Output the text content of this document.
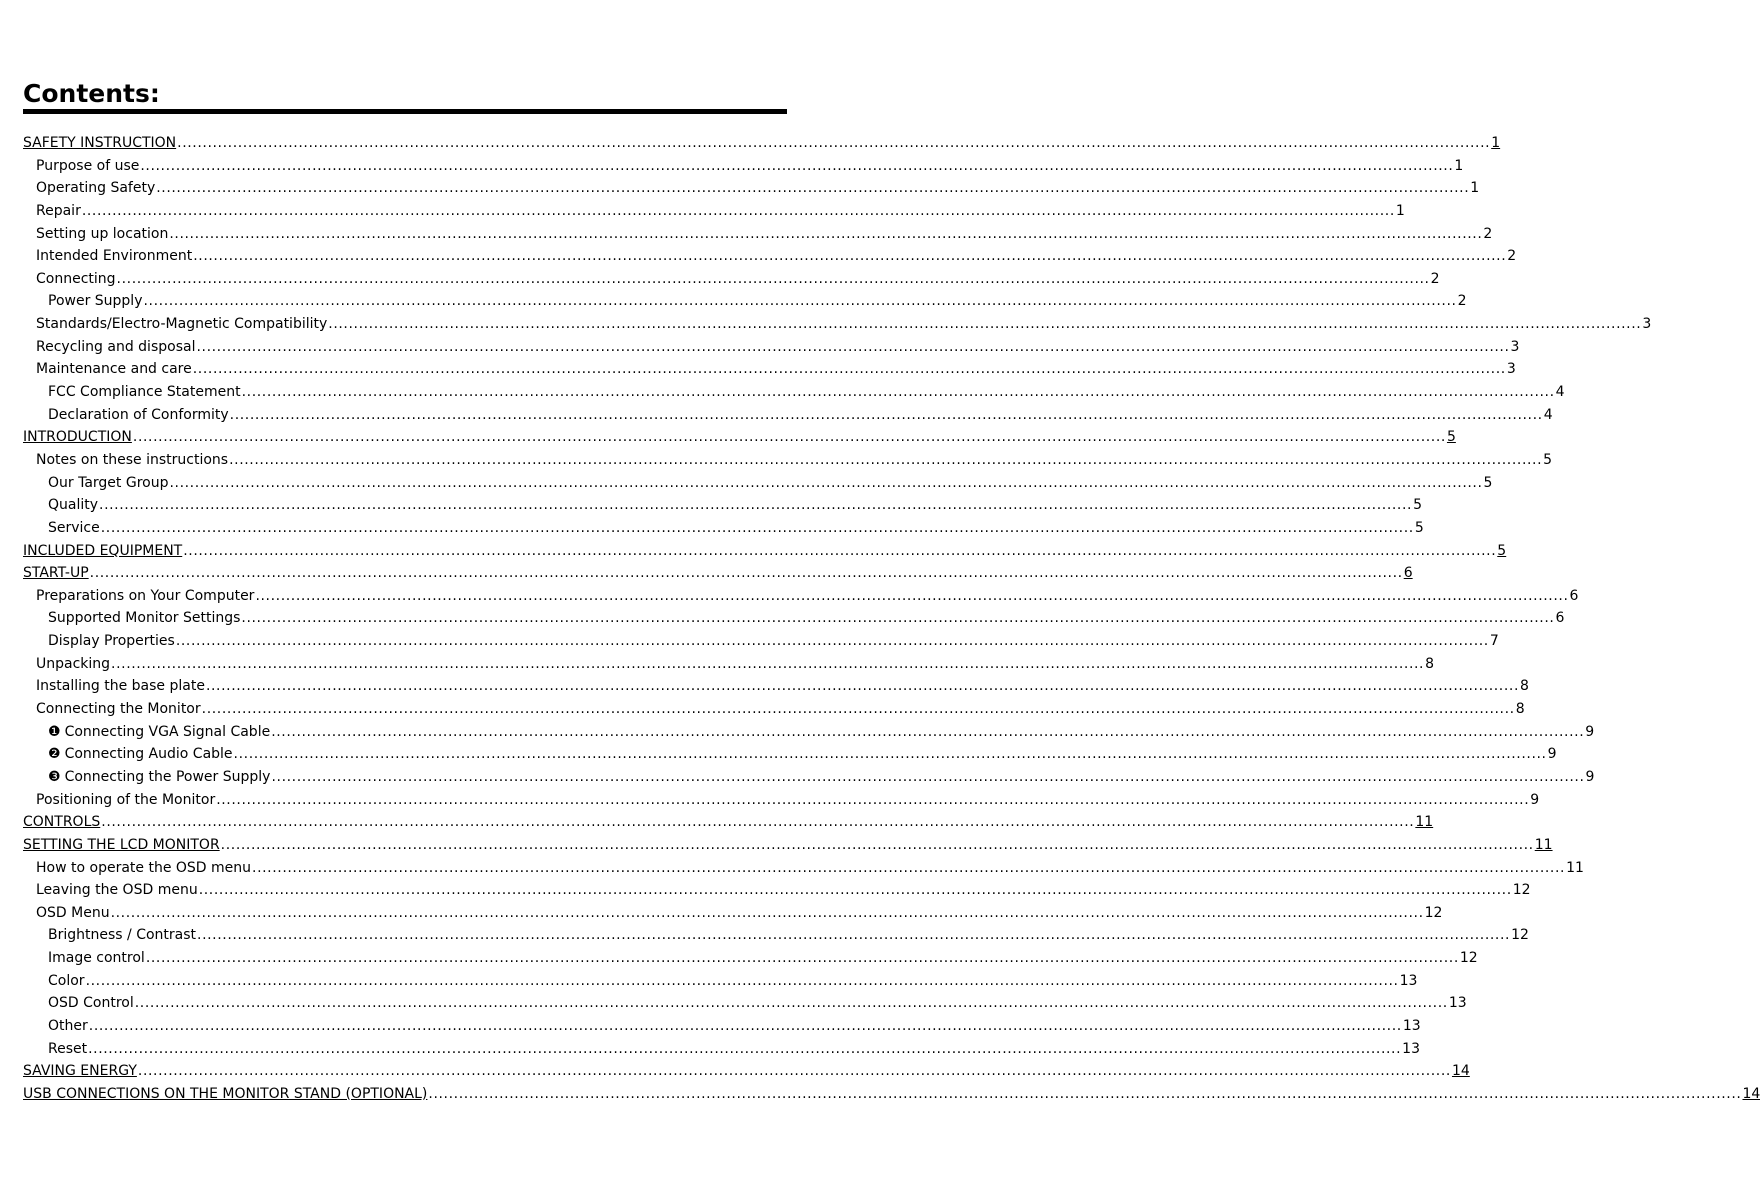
Contents:
SAFETY INSTRUCTION .................................................................................................................................................................................................................................................................... 1
Purpose of use .................................................................................................................................................................................................................................................................... 1
Operating Safety .................................................................................................................................................................................................................................................................... 1
Repair .................................................................................................................................................................................................................................................................... 1
Setting up location .................................................................................................................................................................................................................................................................... 2
Intended Environment .................................................................................................................................................................................................................................................................... 2
Connecting .................................................................................................................................................................................................................................................................... 2
Power Supply .................................................................................................................................................................................................................................................................... 2
Standards/Electro-Magnetic Compatibility .................................................................................................................................................................................................................................................................... 3
Recycling and disposal .................................................................................................................................................................................................................................................................... 3
Maintenance and care .................................................................................................................................................................................................................................................................... 3
FCC Compliance Statement .................................................................................................................................................................................................................................................................... 4
Declaration of Conformity .................................................................................................................................................................................................................................................................... 4
INTRODUCTION .................................................................................................................................................................................................................................................................... 5
Notes on these instructions .................................................................................................................................................................................................................................................................... 5
Our Target Group .................................................................................................................................................................................................................................................................... 5
Quality .................................................................................................................................................................................................................................................................... 5
Service .................................................................................................................................................................................................................................................................... 5
INCLUDED EQUIPMENT .................................................................................................................................................................................................................................................................... 5
START-UP .................................................................................................................................................................................................................................................................... 6
Preparations on Your Computer .................................................................................................................................................................................................................................................................... 6
Supported Monitor Settings .................................................................................................................................................................................................................................................................... 6
Display Properties .................................................................................................................................................................................................................................................................... 7
Unpacking .................................................................................................................................................................................................................................................................... 8
Installing the base plate .................................................................................................................................................................................................................................................................... 8
Connecting the Monitor .................................................................................................................................................................................................................................................................... 8
❶ Connecting VGA Signal Cable .................................................................................................................................................................................................................................................................... 9
❷ Connecting Audio Cable .................................................................................................................................................................................................................................................................... 9
❸ Connecting the Power Supply .................................................................................................................................................................................................................................................................... 9
Positioning of the Monitor .................................................................................................................................................................................................................................................................... 9
CONTROLS .................................................................................................................................................................................................................................................................... 11
SETTING THE LCD MONITOR .................................................................................................................................................................................................................................................................... 11
How to operate the OSD menu .................................................................................................................................................................................................................................................................... 11
Leaving the OSD menu .................................................................................................................................................................................................................................................................... 12
OSD Menu .................................................................................................................................................................................................................................................................... 12
Brightness / Contrast .................................................................................................................................................................................................................................................................... 12
Image control .................................................................................................................................................................................................................................................................... 12
Color .................................................................................................................................................................................................................................................................... 13
OSD Control .................................................................................................................................................................................................................................................................... 13
Other .................................................................................................................................................................................................................................................................... 13
Reset .................................................................................................................................................................................................................................................................... 13
SAVING ENERGY .................................................................................................................................................................................................................................................................... 14
USB CONNECTIONS ON THE MONITOR STAND (OPTIONAL) .................................................................................................................................................................................................................................................................... 14
